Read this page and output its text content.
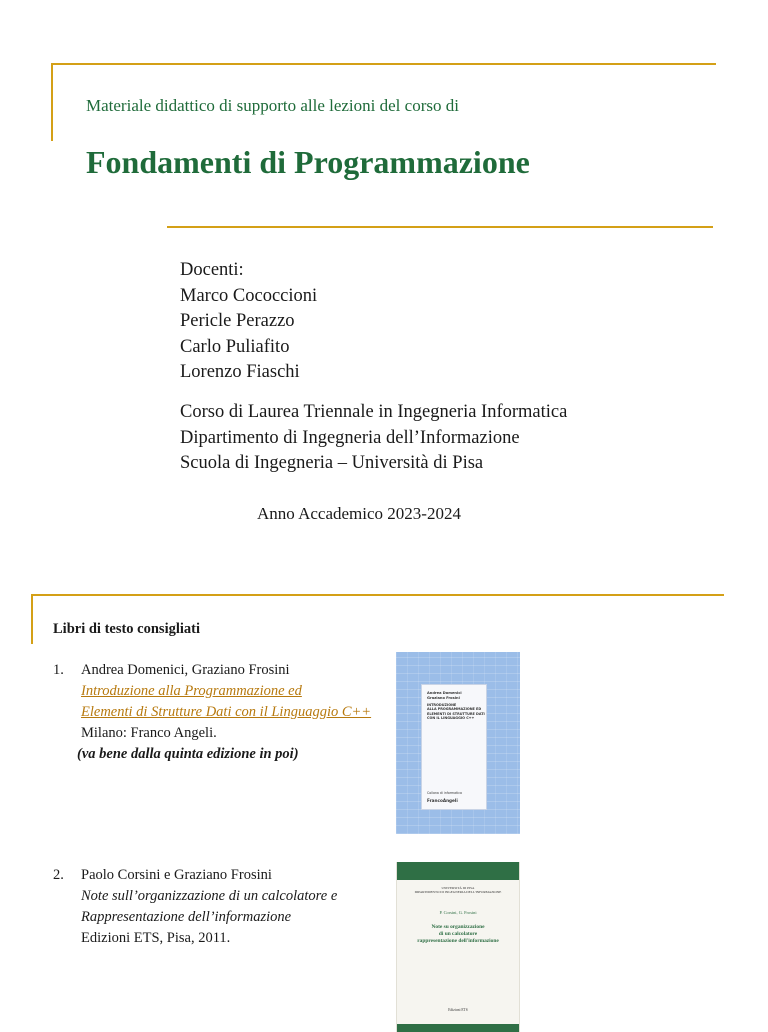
Materiale didattico di supporto alle lezioni del corso di
Fondamenti di Programmazione
Docenti:
Marco Cococcioni
Pericle Perazzo
Carlo Puliafito
Lorenzo Fiaschi
Corso di Laurea Triennale in Ingegneria Informatica
Dipartimento di Ingegneria dell’Informazione
Scuola di Ingegneria – Università di Pisa
Anno Accademico 2023-2024
Libri di testo consigliati
1.	Andrea Domenici, Graziano Frosini
Introduzione alla Programmazione ed
Elementi di Strutture Dati con il Linguaggio C++
Milano: Franco Angeli.
(va bene dalla quinta edizione in poi)
Andrea Domenici
Graziano Frosini
INTRODUZIONE
ALLA PROGRAMMAZIONE ED
ELEMENTI DI STRUTTURE DATI
CON IL LINGUAGGIO C++
Collana di informatica
FrancoAngeli
2.	Paolo Corsini e Graziano Frosini
Note sull’organizzazione di un calcolatore e
Rappresentazione dell’informazione
Edizioni ETS, Pisa, 2011.
UNIVERSITÀ DI PISA
DIPARTIMENTO DI INGEGNERIA DELL'INFORMAZIONE
P. Corsini, G. Frosini
Note su organizzazione
di un calcolatore
rappresentazione dell'informazione
Edizioni ETS
